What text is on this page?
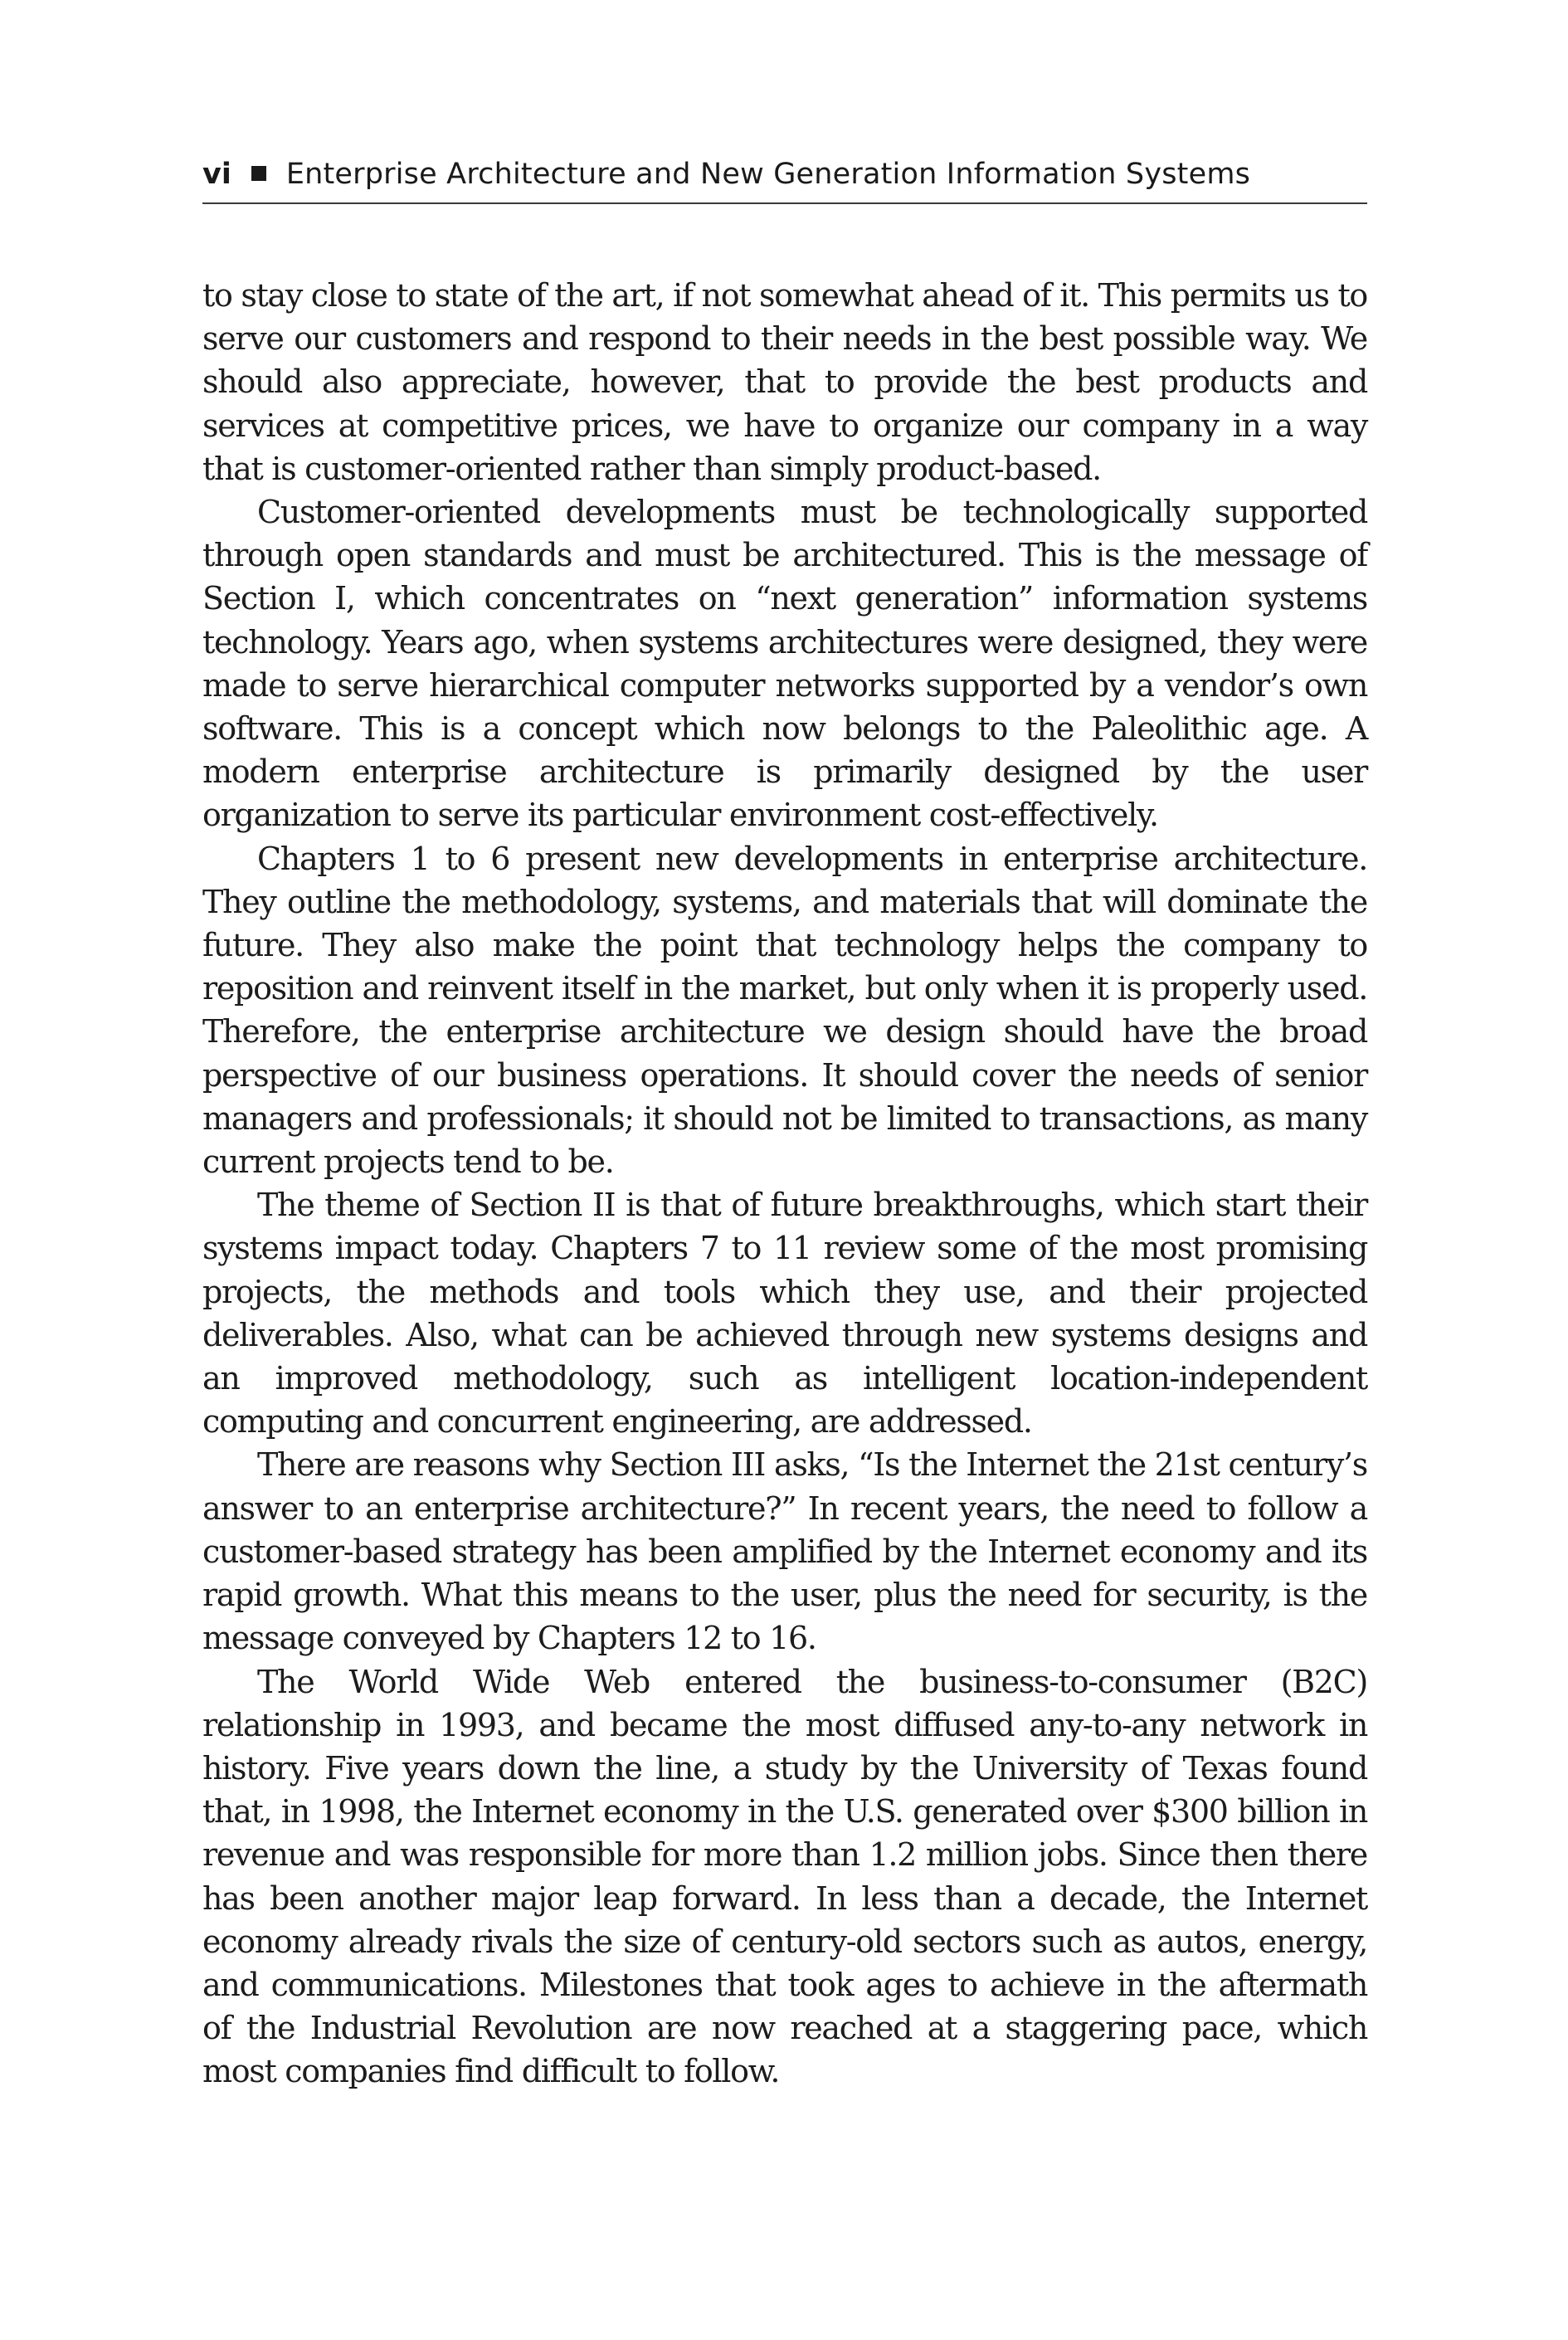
vi Enterprise Architecture and New Generation Information Systems

to stay close to state of the art, if not somewhat ahead of it. This permits us to serve our customers and respond to their needs in the best possible way. We should also appreciate, however, that to provide the best products and services at competitive prices, we have to organize our company in a way that is customer-oriented rather than simply product-based.

Customer-oriented developments must be technologically supported through open standards and must be architectured. This is the message of Section I, which concentrates on “next generation” information systems technology. Years ago, when systems architectures were designed, they were made to serve hierarchical computer networks supported by a vendor’s own software. This is a concept which now belongs to the Paleolithic age. A modern enterprise architecture is primarily designed by the user organization to serve its particular environment cost-effectively.

Chapters 1 to 6 present new developments in enterprise architecture. They outline the methodology, systems, and materials that will dominate the future. They also make the point that technology helps the company to reposition and reinvent itself in the market, but only when it is properly used. Therefore, the enterprise architecture we design should have the broad perspective of our business operations. It should cover the needs of senior managers and professionals; it should not be limited to transactions, as many current projects tend to be.

The theme of Section II is that of future breakthroughs, which start their systems impact today. Chapters 7 to 11 review some of the most promising projects, the methods and tools which they use, and their projected deliverables. Also, what can be achieved through new systems designs and an improved methodology, such as intelligent location-independent computing and concurrent engineering, are addressed.

There are reasons why Section III asks, “Is the Internet the 21st century’s answer to an enterprise architecture?” In recent years, the need to follow a customer-based strategy has been amplified by the Internet economy and its rapid growth. What this means to the user, plus the need for security, is the message conveyed by Chapters 12 to 16.

The World Wide Web entered the business-to-consumer (B2C) relationship in 1993, and became the most diffused any-to-any network in history. Five years down the line, a study by the University of Texas found that, in 1998, the Internet economy in the U.S. generated over $300 billion in revenue and was responsible for more than 1.2 million jobs. Since then there has been another major leap forward. In less than a decade, the Internet economy already rivals the size of century-old sectors such as autos, energy, and communications. Milestones that took ages to achieve in the aftermath of the Industrial Revolution are now reached at a staggering pace, which most companies find difficult to follow.
